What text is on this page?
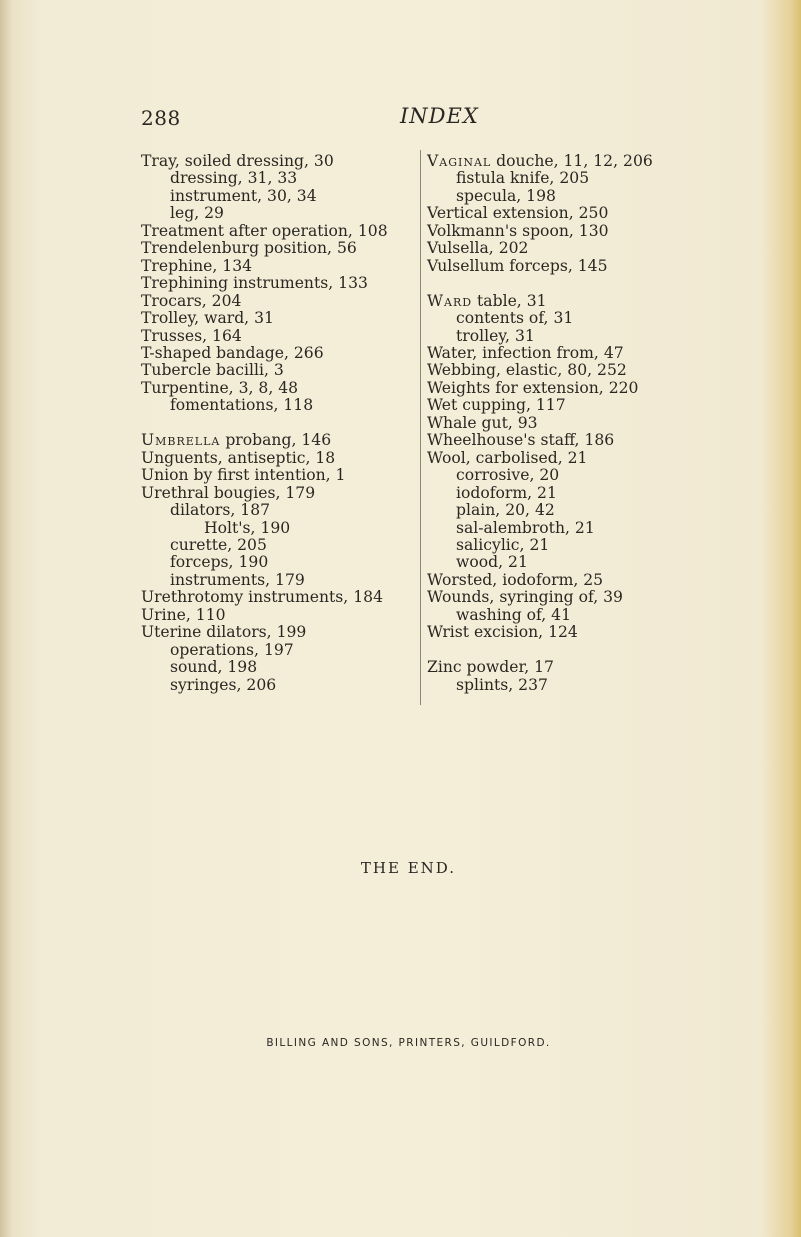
288	INDEX
Tray, soiled dressing, 30
dressing, 31, 33
instrument, 30, 34
leg, 29
Treatment after operation, 108
Trendelenburg position, 56
Trephine, 134
Trephining instruments, 133
Trocars, 204
Trolley, ward, 31
Trusses, 164
T-shaped bandage, 266
Tubercle bacilli, 3
Turpentine, 3, 8, 48
fomentations, 118
Umbrella probang, 146
Unguents, antiseptic, 18
Union by first intention, 1
Urethral bougies, 179
dilators, 187
Holt's, 190
curette, 205
forceps, 190
instruments, 179
Urethrotomy instruments, 184
Urine, 110
Uterine dilators, 199
operations, 197
sound, 198
syringes, 206
Vaginal douche, 11, 12, 206
fistula knife, 205
specula, 198
Vertical extension, 250
Volkmann's spoon, 130
Vulsella, 202
Vulsellum forceps, 145
Ward table, 31
contents of, 31
trolley, 31
Water, infection from, 47
Webbing, elastic, 80, 252
Weights for extension, 220
Wet cupping, 117
Whale gut, 93
Wheelhouse's staff, 186
Wool, carbolised, 21
corrosive, 20
iodoform, 21
plain, 20, 42
sal-alembroth, 21
salicylic, 21
wood, 21
Worsted, iodoform, 25
Wounds, syringing of, 39
washing of, 41
Wrist excision, 124
Zinc powder, 17
splints, 237
THE END.
BILLING AND SONS, PRINTERS, GUILDFORD.
